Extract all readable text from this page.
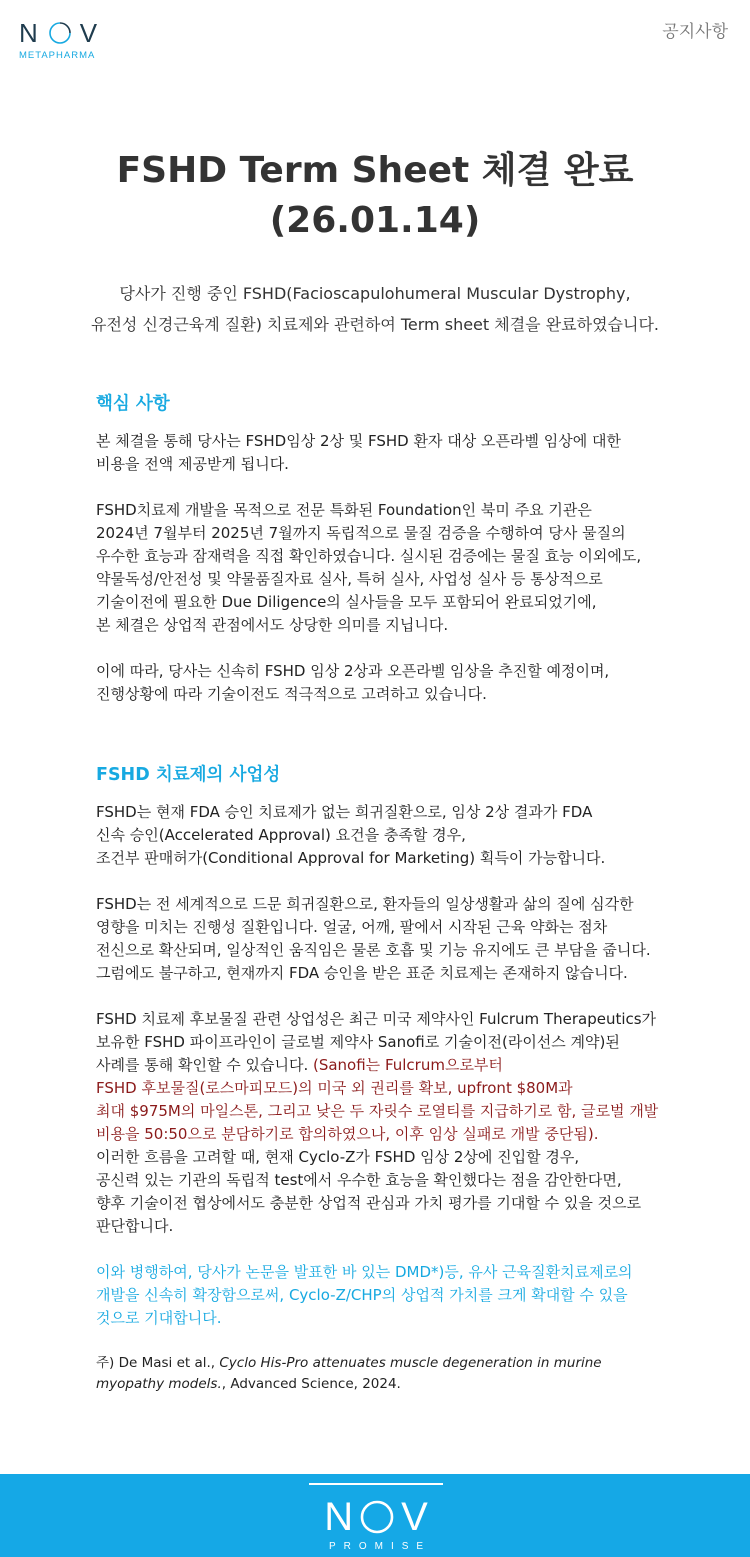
N V
METAPHARMA
공지사항
FSHD Term Sheet 체결 완료
(26.01.14)

당사가 진행 중인 FSHD(Facioscapulohumeral Muscular Dystrophy,

유전성 신경근육계 질환) 치료제와 관련하여 Term sheet 체결을 완료하였습니다.

핵심 사항
본 체결을 통해 당사는 FSHD임상 2상 및 FSHD 환자 대상 오픈라벨 임상에 대한
비용을 전액 제공받게 됩니다.
FSHD치료제 개발을 목적으로 전문 특화된 Foundation인 북미 주요 기관은
2024년 7월부터 2025년 7월까지 독립적으로 물질 검증을 수행하여 당사 물질의
우수한 효능과 잠재력을 직접 확인하였습니다. 실시된 검증에는 물질 효능 이외에도,
약물독성/안전성 및 약물품질자료 실사, 특허 실사, 사업성 실사 등 통상적으로
기술이전에 필요한 Due Diligence의 실사들을 모두 포함되어 완료되었기에,
본 체결은 상업적 관점에서도 상당한 의미를 지닙니다.
이에 따라, 당사는 신속히 FSHD 임상 2상과 오픈라벨 임상을 추진할 예정이며,
진행상황에 따라 기술이전도 적극적으로 고려하고 있습니다.
FSHD 치료제의 사업성
FSHD는 현재 FDA 승인 치료제가 없는 희귀질환으로, 임상 2상 결과가 FDA
신속 승인(Accelerated Approval) 요건을 충족할 경우,
조건부 판매허가(Conditional Approval for Marketing) 획득이 가능합니다.
FSHD는 전 세계적으로 드문 희귀질환으로, 환자들의 일상생활과 삶의 질에 심각한
영향을 미치는 진행성 질환입니다. 얼굴, 어깨, 팔에서 시작된 근육 약화는 점차
전신으로 확산되며, 일상적인 움직임은 물론 호흡 및 기능 유지에도 큰 부담을 줍니다.
그럼에도 불구하고, 현재까지 FDA 승인을 받은 표준 치료제는 존재하지 않습니다.
FSHD 치료제 후보물질 관련 상업성은 최근 미국 제약사인 Fulcrum Therapeutics가
보유한 FSHD 파이프라인이 글로벌 제약사 Sanofi로 기술이전(라이선스 계약)된
사례를 통해 확인할 수 있습니다. (Sanofi는 Fulcrum으로부터
FSHD 후보물질(로스마피모드)의 미국 외 권리를 확보, upfront $80M과
최대 $975M의 마일스톤, 그리고 낮은 두 자릿수 로열티를 지급하기로 함, 글로벌 개발
비용을 50:50으로 분담하기로 합의하였으나, 이후 임상 실패로 개발 중단됨).
이러한 흐름을 고려할 때, 현재 Cyclo-Z가 FSHD 임상 2상에 진입할 경우,
공신력 있는 기관의 독립적 test에서 우수한 효능을 확인했다는 점을 감안한다면,
향후 기술이전 협상에서도 충분한 상업적 관심과 가치 평가를 기대할 수 있을 것으로
판단합니다.
이와 병행하여, 당사가 논문을 발표한 바 있는 DMD*)등, 유사 근육질환치료제로의
개발을 신속히 확장함으로써, Cyclo-Z/CHP의 상업적 가치를 크게 확대할 수 있을
것으로 기대합니다.
주) De Masi et al., Cyclo His-Pro attenuates muscle degeneration in murine
myopathy models., Advanced Science, 2024.
N V
PROMISE
